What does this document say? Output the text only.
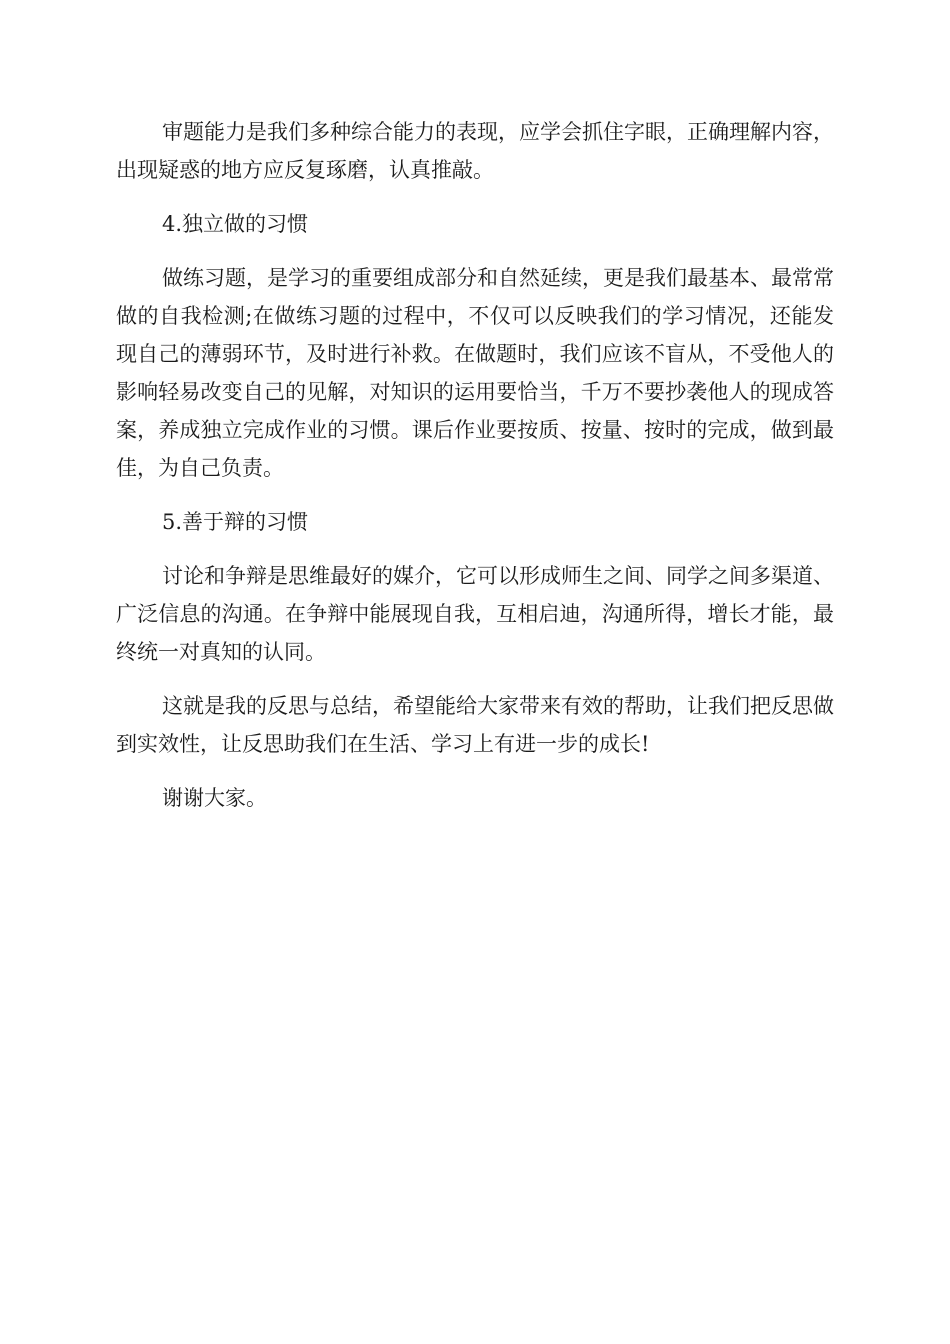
审题能力是我们多种综合能力的表现，应学会抓住字眼，正确理解内容，出现疑惑的地方应反复琢磨，认真推敲。

4.独立做的习惯

做练习题，是学习的重要组成部分和自然延续，更是我们最基本、最常常做的自我检测;在做练习题的过程中，不仅可以反映我们的学习情况，还能发现自己的薄弱环节，及时进行补救。在做题时，我们应该不盲从，不受他人的影响轻易改变自己的见解，对知识的运用要恰当，千万不要抄袭他人的现成答案，养成独立完成作业的习惯。课后作业要按质、按量、按时的完成，做到最佳，为自己负责。

5.善于辩的习惯

讨论和争辩是思维最好的媒介，它可以形成师生之间、同学之间多渠道、广泛信息的沟通。在争辩中能展现自我，互相启迪，沟通所得，增长才能，最终统一对真知的认同。

这就是我的反思与总结，希望能给大家带来有效的帮助，让我们把反思做到实效性，让反思助我们在生活、学习上有进一步的成长!

谢谢大家。
